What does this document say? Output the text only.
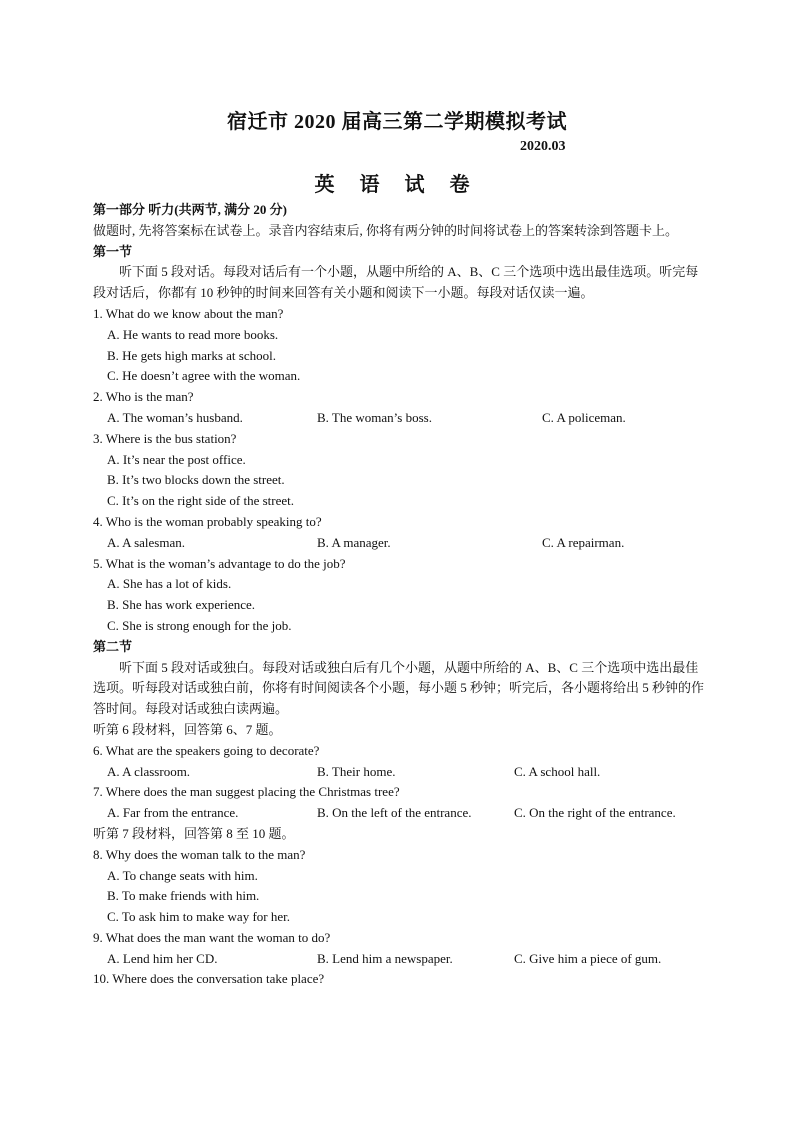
宿迁市 2020 届高三第二学期模拟考试
2020.03
英 语 试 卷

第一部分 听力(共两节, 满分 20 分)

做题时, 先将答案标在试卷上。录音内容结束后, 你将有两分钟的时间将试卷上的答案转涂到答题卡上。

第一节

听下面 5 段对话。每段对话后有一个小题，从题中所给的 A、B、C 三个选项中选出最佳选项。听完每段对话后，你都有 10 秒钟的时间来回答有关小题和阅读下一小题。每段对话仅读一遍。

1. What do we know about the man?

A. He wants to read more books.

B. He gets high marks at school.

C. He doesn’t agree with the woman.

2. Who is the man?

A. The woman’s husband.	B. The woman’s boss.	C. A policeman.

3. Where is the bus station?

A. It’s near the post office.

B. It’s two blocks down the street.

C. It’s on the right side of the street.

4. Who is the woman probably speaking to?

A. A salesman.	B. A manager.	C. A repairman.

5. What is the woman’s advantage to do the job?

A. She has a lot of kids.

B. She has work experience.

C. She is strong enough for the job.

第二节

听下面 5 段对话或独白。每段对话或独白后有几个小题，从题中所给的 A、B、C 三个选项中选出最佳选项。听每段对话或独白前，你将有时间阅读各个小题，每小题 5 秒钟；听完后，各小题将给出 5 秒钟的作答时间。每段对话或独白读两遍。

听第 6 段材料，回答第 6、7 题。

6. What are the speakers going to decorate?

A. A classroom.	B. Their home.	C. A school hall.

7. Where does the man suggest placing the Christmas tree?

A. Far from the entrance.	B. On the left of the entrance.	C. On the right of the entrance.

听第 7 段材料，回答第 8 至 10 题。

8. Why does the woman talk to the man?

A. To change seats with him.

B. To make friends with him.

C. To ask him to make way for her.

9. What does the man want the woman to do?

A. Lend him her CD.	B. Lend him a newspaper.	C. Give him a piece of gum.

10. Where does the conversation take place?
